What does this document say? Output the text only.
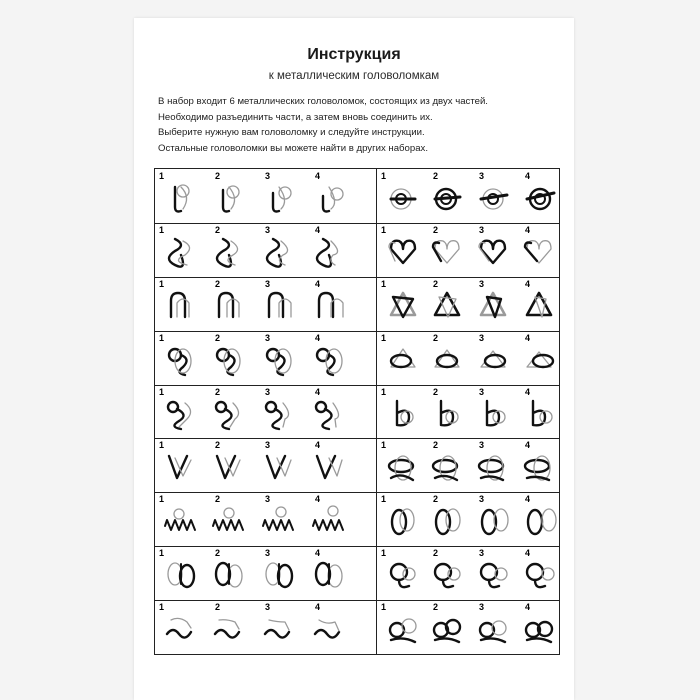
Инструкция
к металлическим головоломкам
В набор входит 6 металлических головоломок, состоящих из двух частей.
Необходимо разъединить части, а затем вновь соединить их.
Выберите нужную вам головоломку и следуйте инструкции.
Остальные головоломки вы можете найти в других наборах.
1	2	3	4	1	2	3	4
1	2	3	4	1	2	3	4
1	2	3	4	1	2	3	4
1	2	3	4	1	2	3	4
1	2	3	4	1	2	3	4
1	2	3	4	1	2	3	4
1	2	3	4	1	2	3	4
1	2	3	4	1	2	3	4
1	2	3	4	1	2	3	4
